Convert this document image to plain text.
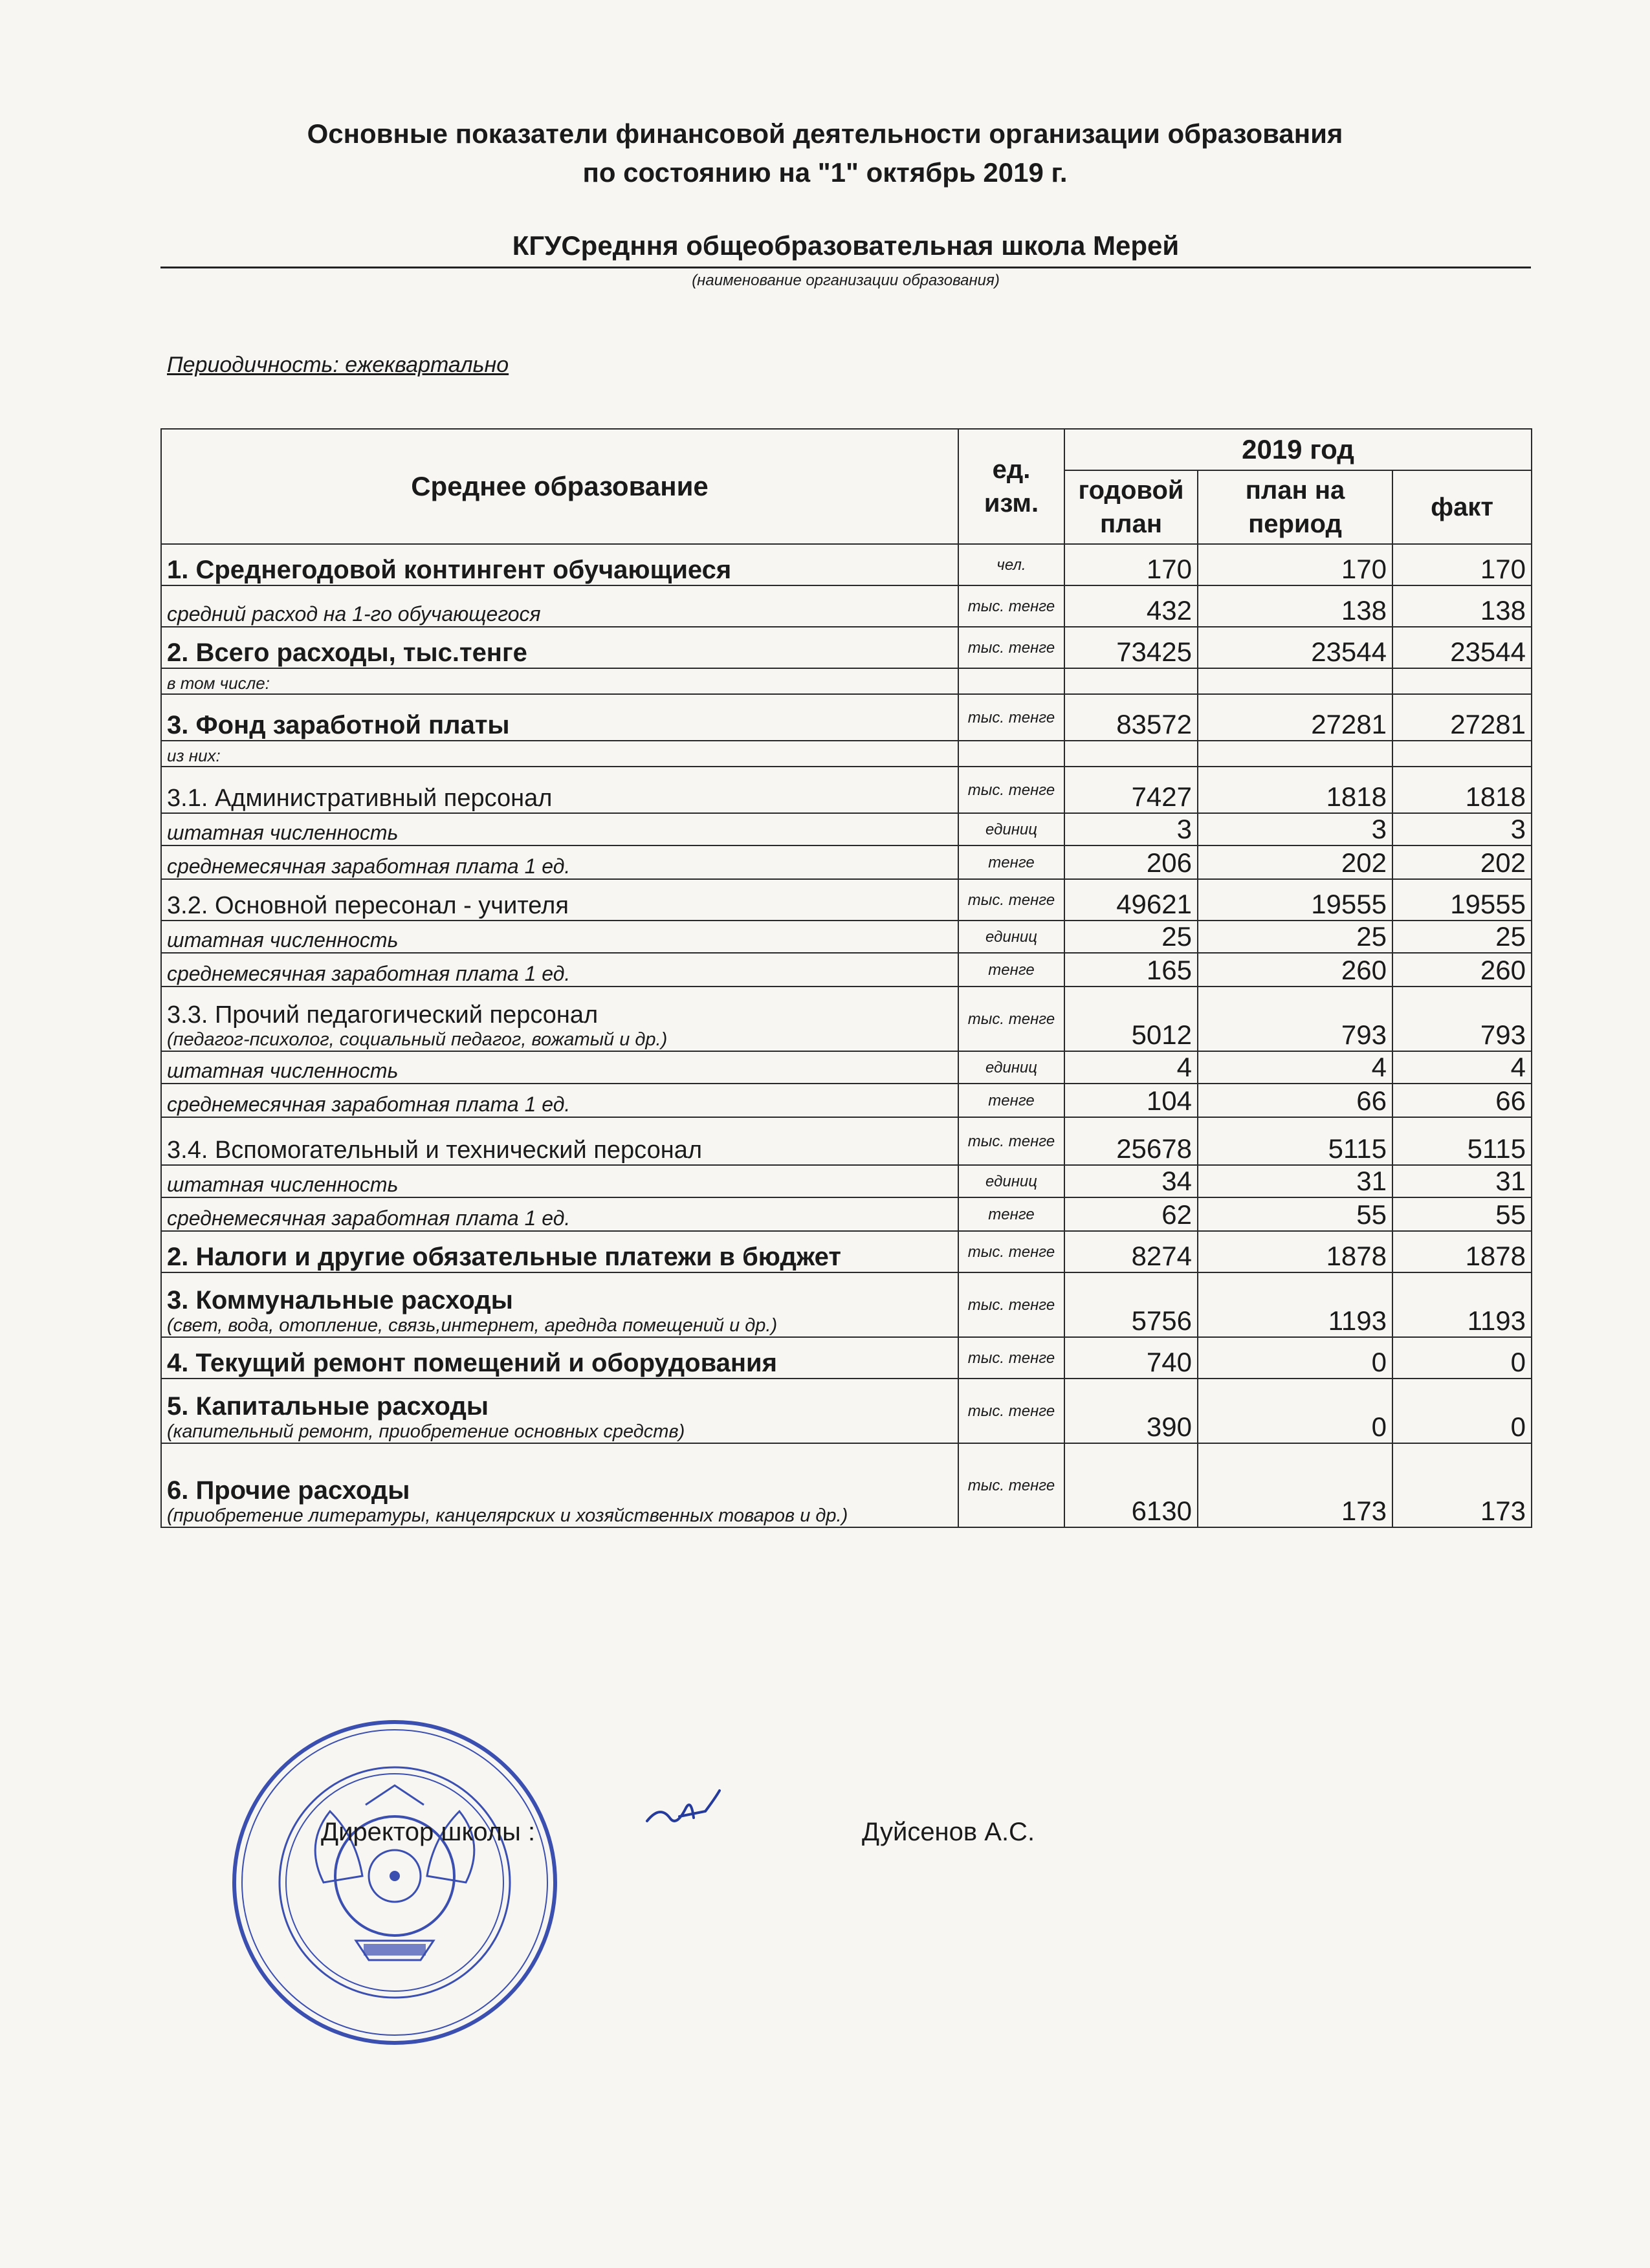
Основные показатели финансовой деятельности организации образования
по состоянию на "1" октябрь 2019 г.
КГУСредння общеобразовательная школа Мерей
(наименование организации образования)
Периодичность: ежеквартально
Среднее образование	ед. изм.	2019 год		
		годовой план	план на период	факт
1. Среднегодовой контингент обучающиеся	чел.	170	170	170
средний расход на 1-го обучающегося	тыс. тенге	432	138	138
2. Всего расходы, тыс.тенге	тыс. тенге	73425	23544	23544
в том числе:				
3. Фонд заработной платы	тыс. тенге	83572	27281	27281
из них:				
3.1. Административный персонал	тыс. тенге	7427	1818	1818
штатная численность	единиц	3	3	3
среднемесячная заработная плата 1 ед.	тенге	206	202	202
3.2. Основной пересонал - учителя	тыс. тенге	49621	19555	19555
штатная численность	единиц	25	25	25
среднемесячная заработная плата 1 ед.	тенге	165	260	260
3.3. Прочий педагогический персонал
(педагог-психолог, социальный педагог, вожатый и др.)	тыс. тенге	5012	793	793
штатная численность	единиц	4	4	4
среднемесячная заработная плата 1 ед.	тенге	104	66	66
3.4. Вспомогательный и технический персонал	тыс. тенге	25678	5115	5115
штатная численность	единиц	34	31	31
среднемесячная заработная плата 1 ед.	тенге	62	55	55
2. Налоги и другие обязательные платежи в бюджет	тыс. тенге	8274	1878	1878
3. Коммунальные расходы
(свет, вода, отопление, связь,интернет, ареднда помещений и др.)	тыс. тенге	5756	1193	1193
4. Текущий ремонт помещений и оборудования	тыс. тенге	740	0	0
5. Капитальные расходы
(капительный ремонт, приобретение основных средств)	тыс. тенге	390	0	0
6. Прочие расходы
(приобретение литературы, канцелярских и хозяйственных товаров и др.)	тыс. тенге	6130	173	173
Директор школы :	Дуйсенов А.С.
